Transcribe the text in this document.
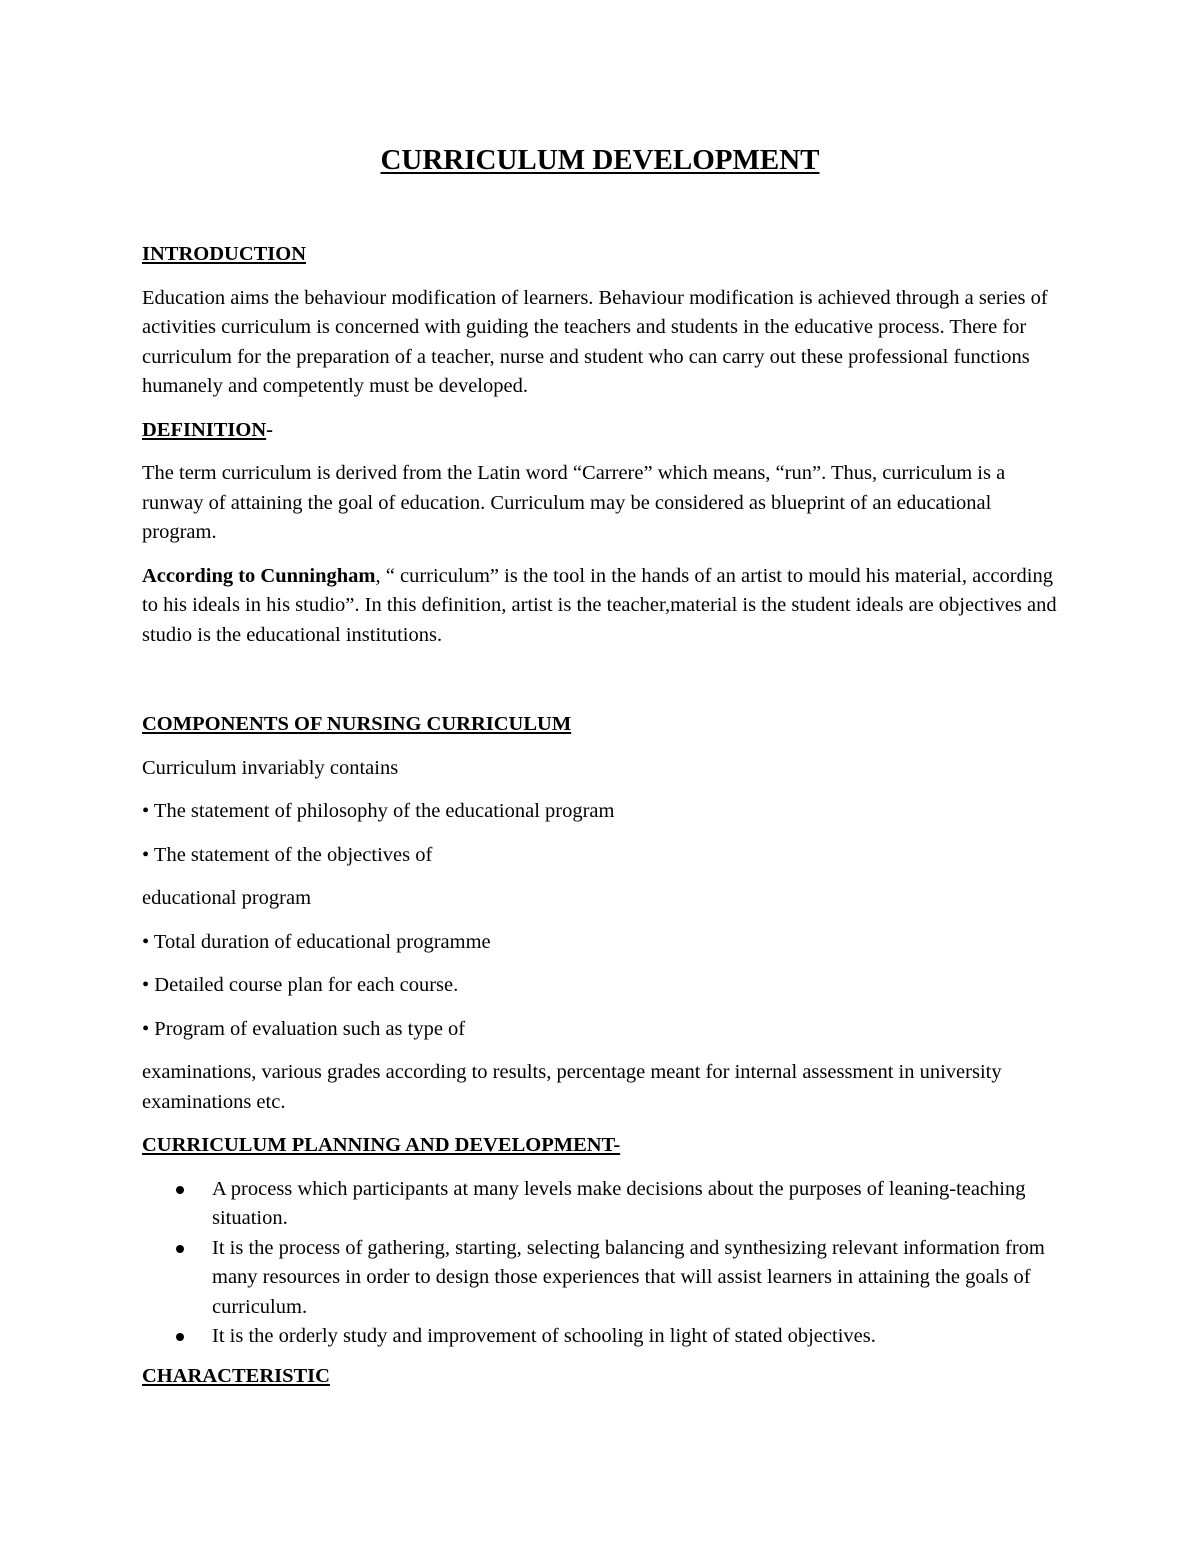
CURRICULUM DEVELOPMENT

INTRODUCTION

Education aims the behaviour modification of learners. Behaviour modification is achieved through a series of activities curriculum is concerned with guiding the teachers and students in the educative process. There for curriculum for the preparation of a teacher, nurse and student who can carry out these professional functions humanely and competently must be developed.

DEFINITION-

The term curriculum is derived from the Latin word “Carrere” which means, “run”. Thus, curriculum is a runway of attaining the goal of education. Curriculum may be considered as blueprint of an educational program.

According to Cunningham, “ curriculum” is the tool in the hands of an artist to mould his material, according to his ideals in his studio”. In this definition, artist is the teacher,material is the student ideals are objectives and studio is the educational institutions.

COMPONENTS OF NURSING CURRICULUM

Curriculum invariably contains

• The statement of philosophy of the educational program

• The statement of the objectives of

educational program

• Total duration of educational programme

• Detailed course plan for each course.

• Program of evaluation such as type of

examinations, various grades according to results, percentage meant for internal assessment in university examinations etc.

CURRICULUM PLANNING AND DEVELOPMENT-

A process which participants at many levels make decisions about the purposes of leaning-teaching situation.
It is the process of gathering, starting, selecting balancing and synthesizing relevant information from many resources in order to design those experiences that will assist learners in attaining the goals of curriculum.
It is the orderly study and improvement of schooling in light of stated objectives.

CHARACTERISTIC
